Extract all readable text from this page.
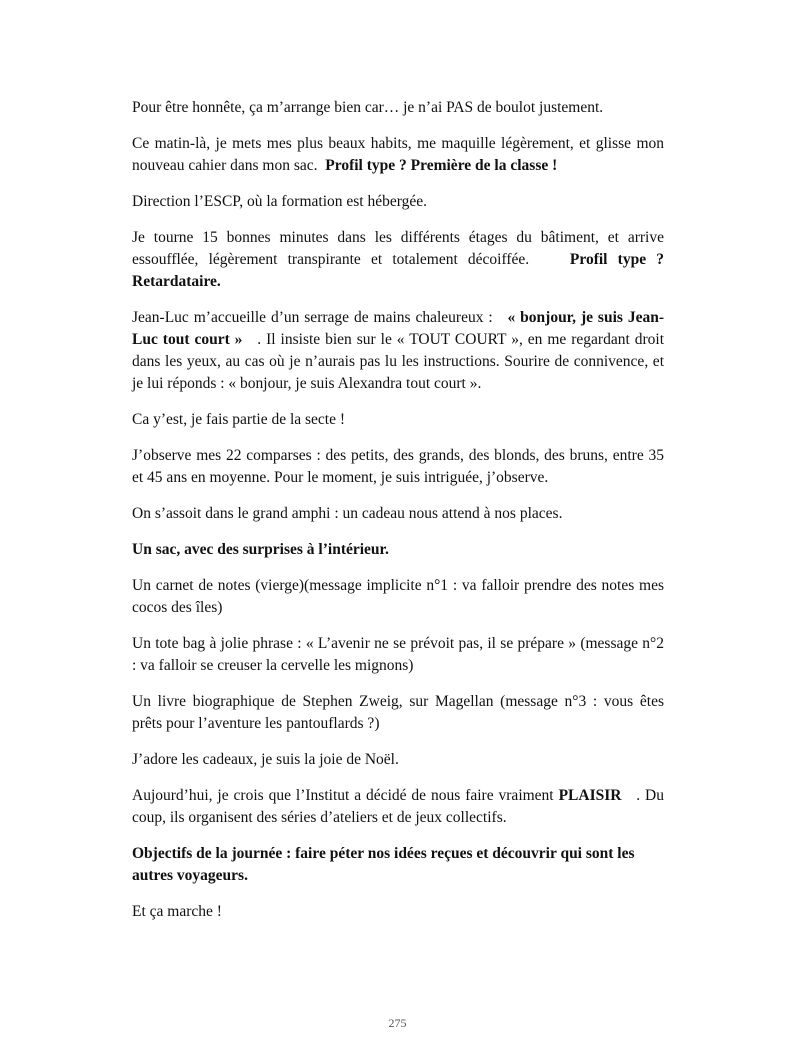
Pour être honnête, ça m’arrange bien car… je n’ai PAS de boulot justement.

Ce matin-là, je mets mes plus beaux habits, me maquille légèrement, et glisse mon nouveau cahier dans mon sac. Profil type ? Première de la classe !

Direction l’ESCP, où la formation est hébergée.

Je tourne 15 bonnes minutes dans les différents étages du bâtiment, et arrive essoufflée, légèrement transpirante et totalement décoiffée.	Profil type ? Retardataire.

Jean-Luc m’accueille d’un serrage de mains chaleureux : « bonjour, je suis Jean-Luc tout court » . Il insiste bien sur le « TOUT COURT », en me regardant droit dans les yeux, au cas où je n’aurais pas lu les instructions. Sourire de connivence, et je lui réponds : « bonjour, je suis Alexandra tout court ».

Ca y’est, je fais partie de la secte !

J’observe mes 22 comparses : des petits, des grands, des blonds, des bruns, entre 35 et 45 ans en moyenne. Pour le moment, je suis intriguée, j’observe.

On s’assoit dans le grand amphi : un cadeau nous attend à nos places.

Un sac, avec des surprises à l’intérieur.

Un carnet de notes (vierge)(message implicite n°1 : va falloir prendre des notes mes cocos des îles)

Un tote bag à jolie phrase : « L’avenir ne se prévoit pas, il se prépare » (message n°2 : va falloir se creuser la cervelle les mignons)

Un livre biographique de Stephen Zweig, sur Magellan (message n°3 : vous êtes prêts pour l’aventure les pantouflards ?)

J’adore les cadeaux, je suis la joie de Noël.

Aujourd’hui, je crois que l’Institut a décidé de nous faire vraiment PLAISIR . Du coup, ils organisent des séries d’ateliers et de jeux collectifs.

Objectifs de la journée : faire péter nos idées reçues et découvrir qui sont les autres voyageurs.

Et ça marche !

275
